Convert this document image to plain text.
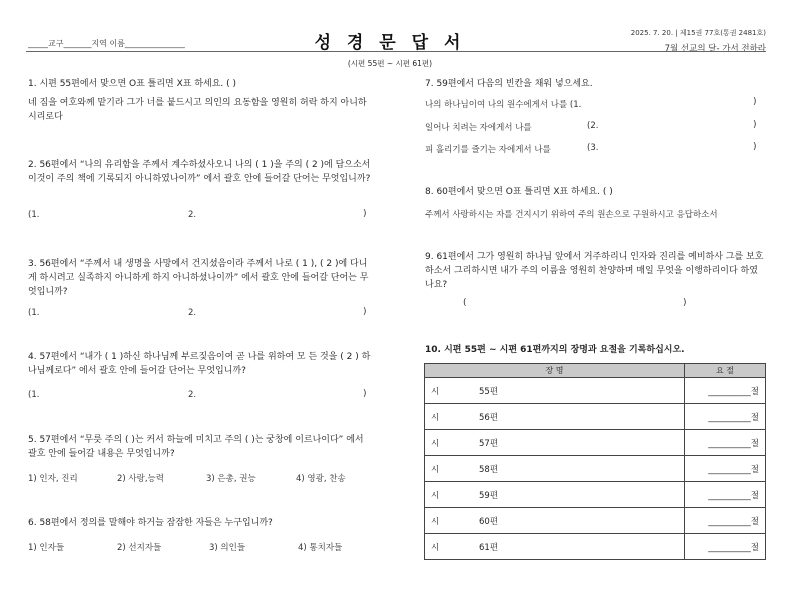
_____교구_______지역 이름_______________	성 경 문 답 서
(시편 55편 ~ 시편 61편)
2025. 7. 20. | 제15권 77호(통권 2481호)
7월 선교의 달- 가서 전하라
1. 시편 55편에서 맞으면 O표 틀리면 X표 하세요. ( )
네 짐을 여호와께 맡기라 그가 너를 붙드시고 의인의 요동함을 영원히 허락 하지 아니하시리로다
2. 56편에서 “나의 유리함을 주께서 계수하셨사오니 나의 ( 1 )을 주의 ( 2 )에 담으소서 이것이 주의 책에 기록되지 아니하였나이까” 에서 괄호 안에 들어갈 단어는 무엇입니까?
(1.	2.	)
3. 56편에서 “주께서 내 생명을 사망에서 건지셨음이라 주께서 나로 ( 1 ), ( 2 )에 다니게 하시려고 실족하지 아니하게 하지 아니하셨나이까” 에서 괄호 안에 들어갈 단어는 무엇입니까?
(1.	2.	)
4. 57편에서 “내가 ( 1 )하신 하나님께 부르짖음이여 곧 나를 위하여 모 든 것을 ( 2 ) 하나님께로다” 에서 괄호 안에 들어갈 단어는 무엇입니까?
(1.	2.	)
5. 57편에서 “무릇 주의 ( )는 커서 하늘에 미치고 주의 ( )는 궁창에 이르나이다” 에서 괄호 안에 들어갈 내용은 무엇입니까?
1) 인자, 진리	2) 사랑,능력	3) 은총, 권능	4) 영광, 찬송
6. 58편에서 정의를 말해야 하거늘 잠잠한 자들은 누구입니까?
1) 인자들	2) 선지자들	3) 의인들	4) 통치자들
7. 59편에서 다음의 빈칸을 채워 넣으세요.
나의 하나님이여 나의 원수에게서 나를 (1.	)
일어나 치려는 자에게서 나를	(2.	)
피 흘리기를 즐기는 자에게서 나를	(3.	)
8. 60편에서 맞으면 O표 틀리면 X표 하세요. ( )
주께서 사랑하시는 자를 건지시기 위하여 주의 원손으로 구원하시고 응답하소서
9. 61편에서 그가 영원히 하나님 앞에서 거주하리니 인자와 진리를 예비하사 그를 보호하소서 그리하시면 내가 주의 이름을 영원히 찬양하며 매일 무엇을 이행하리이다 하였나요?
(	)
10. 시편 55편 ~ 시편 61편까지의 장명과 요절을 기록하십시오.
장 명		요 절
시	55편	__________절
시	56편	__________절
시	57편	__________절
시	58편	__________절
시	59편	__________절
시	60편	__________절
시	61편	__________절
